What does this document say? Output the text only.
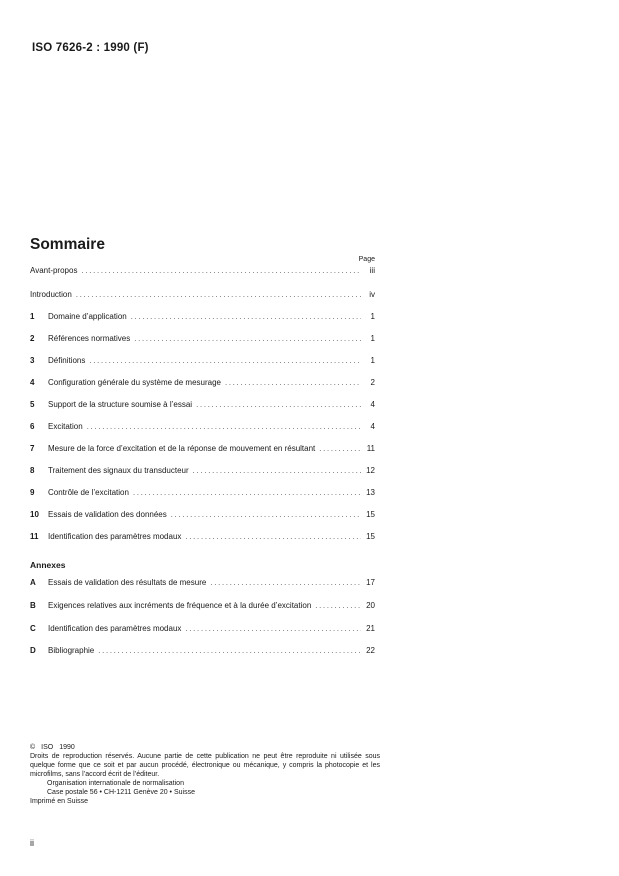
ISO 7626-2 : 1990 (F)
Sommaire
Page
Avant-propos .....	iii
Introduction .....	iv
1	Domaine d’application .....	1
2	Références normatives .....	1
3	Définitions .....	1
4	Configuration générale du système de mesurage .....	2
5	Support de la structure soumise à l’essai .....	4
6	Excitation .....	4
7	Mesure de la force d’excitation et de la réponse de mouvement en résultant .....	11
8	Traitement des signaux du transducteur .....	12
9	Contrôle de l’excitation .....	13
10	Essais de validation des données .....	15
11	Identification des paramètres modaux .....	15
A	Essais de validation des résultats de mesure .....	17
B	Exigences relatives aux incréments de fréquence et à la durée d’excitation .....	20
C	Identification des paramètres modaux .....	21
D	Bibliographie .....	22
Annexes
© ISO 1990
Droits de reproduction réservés. Aucune partie de cette publication ne peut être reproduite ni utilisée sous quelque forme que ce soit et par aucun procédé, électronique ou mécanique, y compris la photocopie et les microfilms, sans l’accord écrit de l’éditeur.
Organisation internationale de normalisation
Case postale 56 • CH-1211 Genève 20 • Suisse
Imprimé en Suisse
ii
